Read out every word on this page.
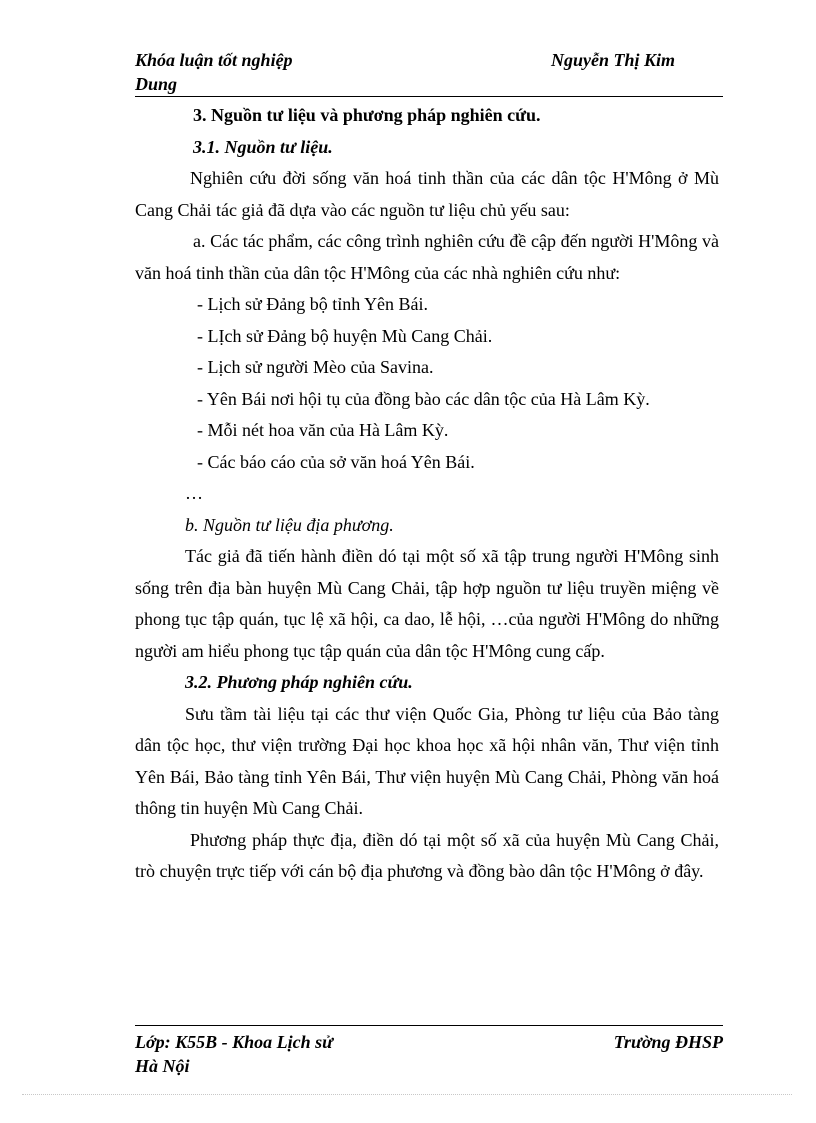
Khóa luận tốt nghiệp	Nguyễn Thị Kim
Dung

3. Nguồn tư liệu và phương pháp nghiên cứu.

3.1. Nguồn tư liệu.

Nghiên cứu đời sống văn hoá tinh thần của các dân tộc H'Mông ở Mù Cang Chải tác giả đã dựa vào các nguồn tư liệu chủ yếu sau:

a. Các tác phẩm, các công trình nghiên cứu đề cập đến người H'Mông và văn hoá tinh thần của dân tộc H'Mông của các nhà nghiên cứu như:

- Lịch sử Đảng bộ tỉnh Yên Bái.

- LỊch sử Đảng bộ huyện Mù Cang Chải.

- Lịch sử người Mèo của Savina.

- Yên Bái nơi hội tụ của đồng bào các dân tộc của Hà Lâm Kỳ.

- Mỗi nét hoa văn của Hà Lâm Kỳ.

- Các báo cáo của sở văn hoá Yên Bái.

…

b. Nguồn tư liệu địa phương.

Tác giả đã tiến hành điền dó tại một số xã tập trung người H'Mông sinh sống trên địa bàn huyện Mù Cang Chải, tập hợp nguồn tư liệu truyền miệng về phong tục tập quán, tục lệ xã hội, ca dao, lễ hội, …của người H'Mông do những người am hiểu phong tục tập quán của dân tộc H'Mông cung cấp.

3.2. Phương pháp nghiên cứu.

Sưu tầm tài liệu tại các thư viện Quốc Gia, Phòng tư liệu của Bảo tàng dân tộc học, thư viện trường Đại học khoa học xã hội nhân văn, Thư viện tỉnh Yên Bái, Bảo tàng tỉnh Yên Bái, Thư viện huyện Mù Cang Chải, Phòng văn hoá thông tin huyện Mù Cang Chải.

Phương pháp thực địa, điền dó tại một số xã của huyện Mù Cang Chải, trò chuyện trực tiếp với cán bộ địa phương và đồng bào dân tộc H'Mông ở đây.

Lớp: K55B - Khoa Lịch sử	Trường ĐHSP
Hà Nội
